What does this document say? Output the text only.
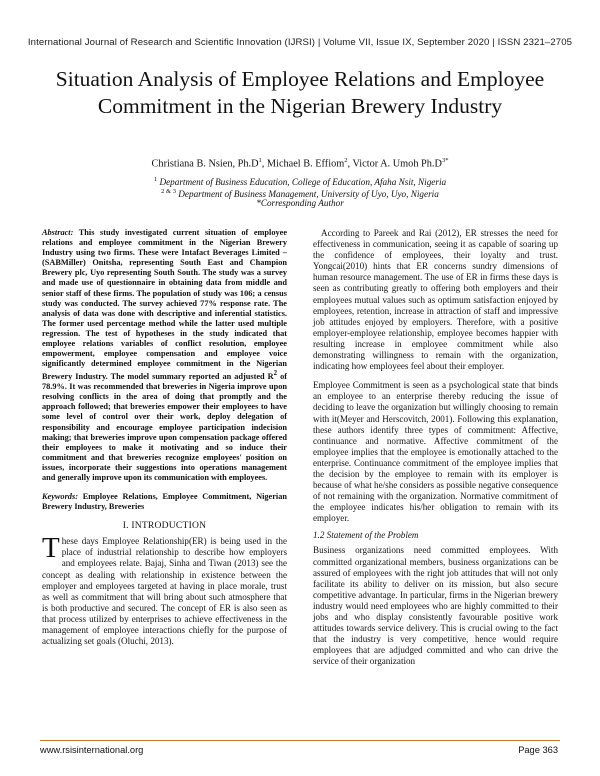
International Journal of Research and Scientific Innovation (IJRSI) | Volume VII, Issue IX, September 2020 | ISSN 2321–2705
Situation Analysis of Employee Relations and Employee Commitment in the Nigerian Brewery Industry
Christiana B. Nsien, $Ph.D^1$, Michael B. Effiom$^2$, Victor A. Umoh $Ph.D^{3*}$
$^1$ Department of Business Education, College of Education, Afaha Nsit, Nigeria
$^{2 \& 3}$ Department of Business Management, University of Uyo, Uyo, Nigeria
*Corresponding Author

Abstract: This study investigated current situation of employee relations and employee commitment in the Nigerian Brewery Industry using two firms. These were Intafact Beverages Limited – (SABMiller) Onitsha, representing South East and Champion Brewery plc, Uyo representing South South. The study was a survey and made use of questionnaire in obtaining data from middle and senior staff of these firms. The population of study was 106; a census study was conducted. The survey achieved 77% response rate. The analysis of data was done with descriptive and inferential statistics. The former used percentage method while the latter used multiple regression. The test of hypotheses in the study indicated that employee relations variables of conflict resolution, employee empowerment, employee compensation and employee voice significantly determined employee commitment in the Nigerian Brewery Industry. The model summary reported an adjusted $R^2$ of 78.9%. It was recommended that breweries in Nigeria improve upon resolving conflicts in the area of doing that promptly and the approach followed; that breweries empower their employees to have some level of control over their work, deploy delegation of responsibility and encourage employee participation indecision making; that breweries improve upon compensation package offered their employees to make it motivating and so induce their commitment and that breweries recognize employees' position on issues, incorporate their suggestions into operations management and generally improve upon its communication with employees.

Keywords: Employee Relations, Employee Commitment, Nigerian Brewery Industry, Breweries

I. INTRODUCTION

These days Employee Relationship(ER) is being used in the place of industrial relationship to describe how employers and employees relate. Bajaj, Sinha and Tiwan (2013) see the concept as dealing with relationship in existence between the employer and employees targeted at having in place morale, trust as well as commitment that will bring about such atmosphere that is both productive and secured. The concept of ER is also seen as that process utilized by enterprises to achieve effectiveness in the management of employee interactions chiefly for the purpose of actualizing set goals (Oluchi, 2013).

According to Pareek and Rai (2012), ER stresses the need for effectiveness in communication, seeing it as capable of soaring up the confidence of employees, their loyalty and trust. Yongcai(2010) hints that ER concerns sundry dimensions of human resource management. The use of ER in firms these days is seen as contributing greatly to offering both employers and their employees mutual values such as optimum satisfaction enjoyed by employees, retention, increase in attraction of staff and impressive job attitudes enjoyed by employers. Therefore, with a positive employer-employee relationship, employee becomes happier with resulting increase in employee commitment while also demonstrating willingness to remain with the organization, indicating how employees feel about their employer.

Employee Commitment is seen as a psychological state that binds an employee to an enterprise thereby reducing the issue of deciding to leave the organization but willingly choosing to remain with it(Meyer and Herscovitch, 2001). Following this explanation, these authors identify three types of commitment: Affective, continuance and normative. Affective commitment of the employee implies that the employee is emotionally attached to the enterprise. Continuance commitment of the employee implies that the decision by the employee to remain with its employer is because of what he/she considers as possible negative consequence of not remaining with the organization. Normative commitment of the employee indicates his/her obligation to remain with its employer.

1.2 Statement of the Problem

Business organizations need committed employees. With committed organizational members, business organizations can be assured of employees with the right job attitudes that will not only facilitate its ability to deliver on its mission, but also secure competitive advantage. In particular, firms in the Nigerian brewery industry would need employees who are highly committed to their jobs and who display consistently favourable positive work attitudes towards service delivery. This is crucial owing to the fact that the industry is very competitive, hence would require employees that are adjudged committed and who can drive the service of their organization

www.rsisinternational.org	Page 363
